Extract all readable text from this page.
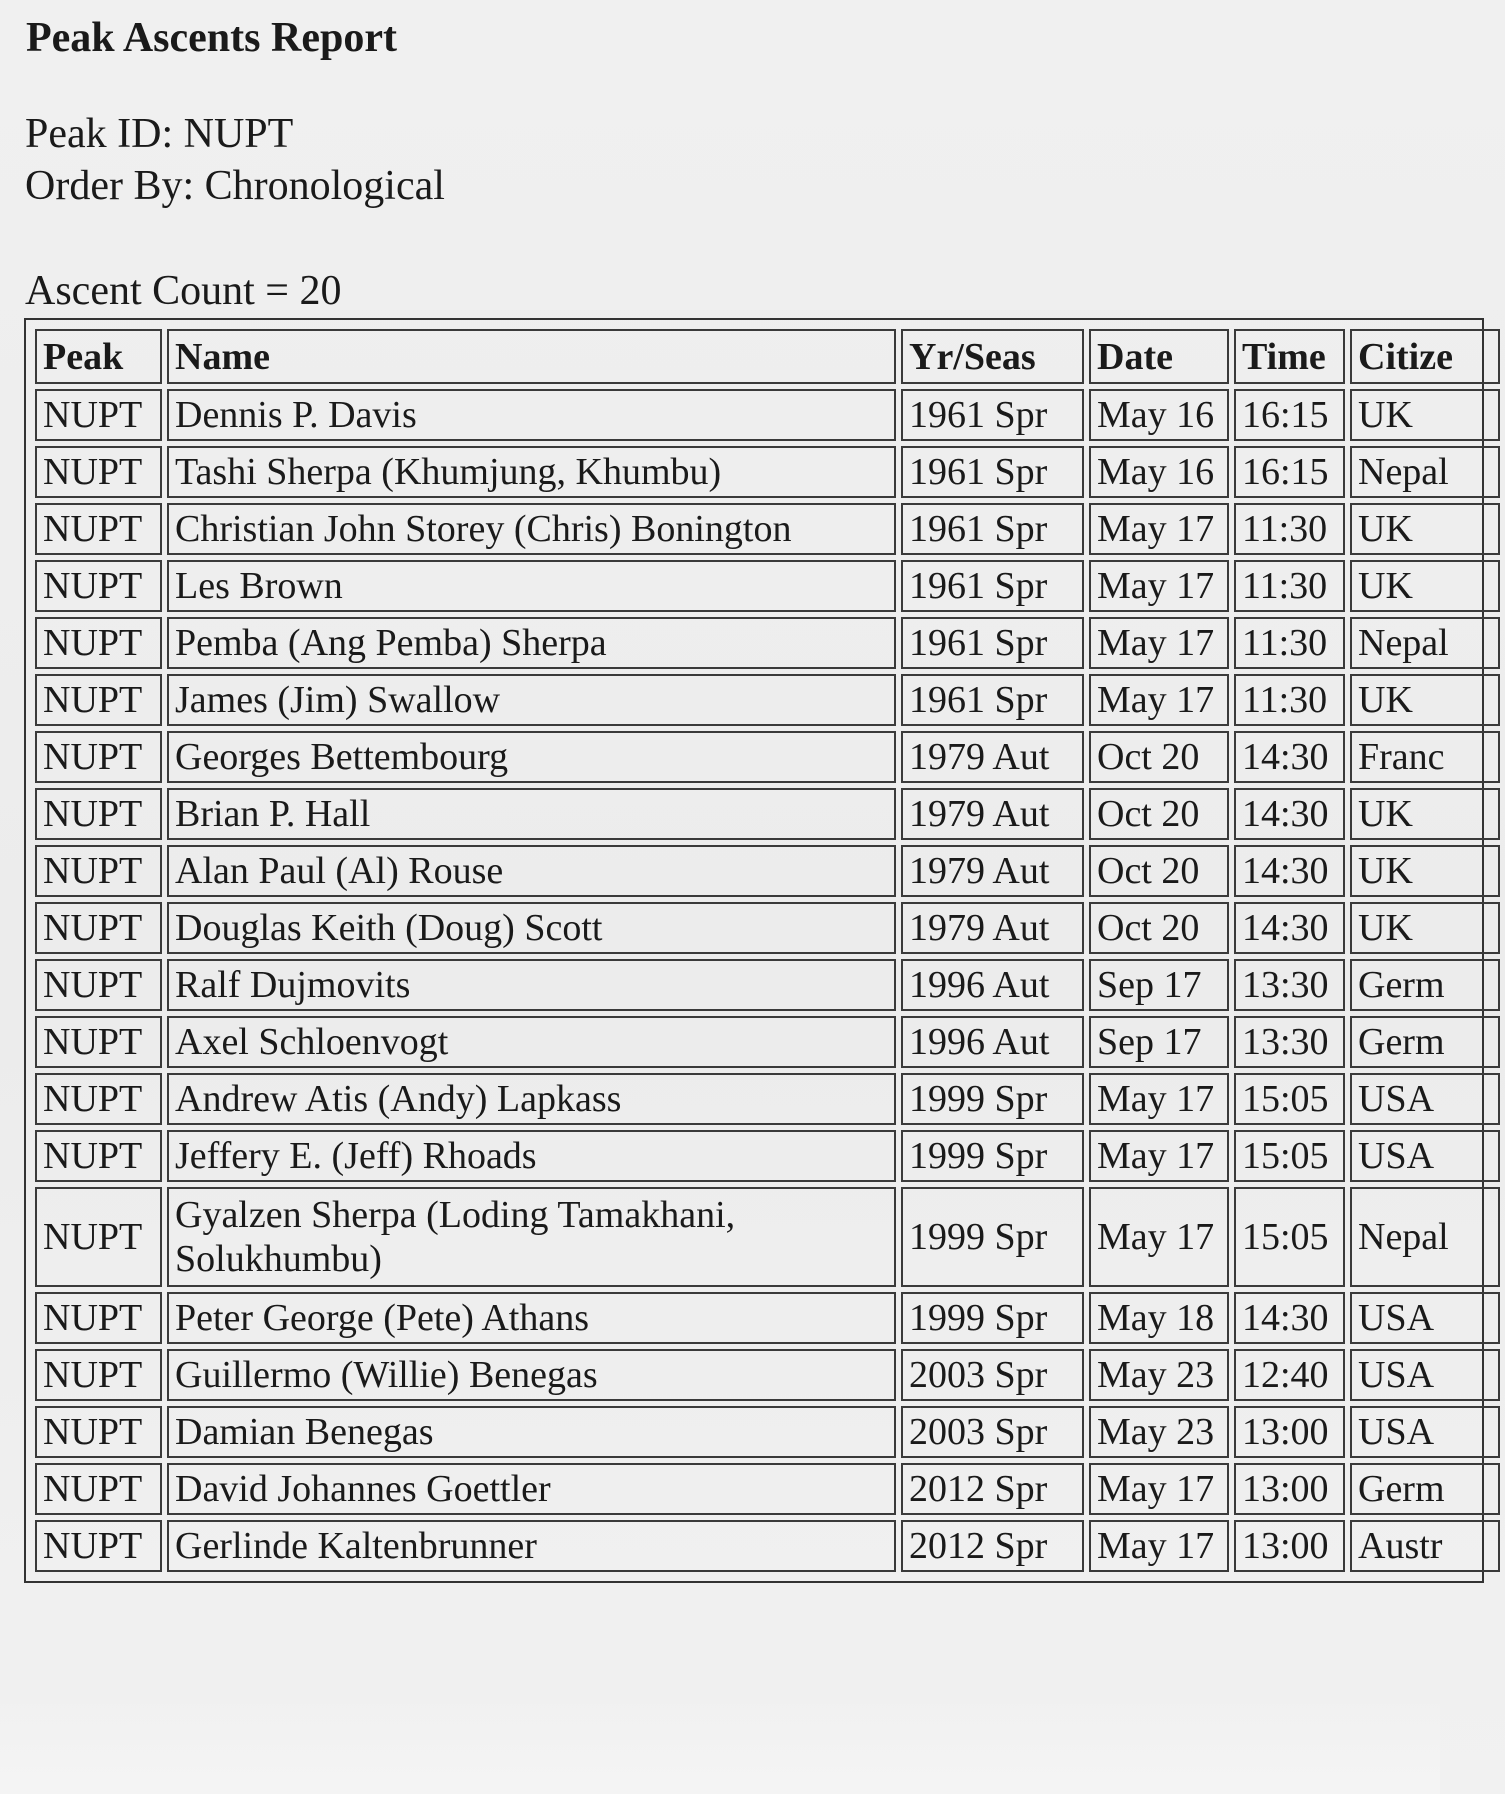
Peak Ascents Report

Peak ID: NUPT

Order By: Chronological

Ascent Count = 20

Peak	Name	Yr/Seas	Date	Time	Citize
NUPT	Dennis P. Davis	1961 Spr	May 16	16:15	UK
NUPT	Tashi Sherpa (Khumjung, Khumbu)	1961 Spr	May 16	16:15	Nepal
NUPT	Christian John Storey (Chris) Bonington	1961 Spr	May 17	11:30	UK
NUPT	Les Brown	1961 Spr	May 17	11:30	UK
NUPT	Pemba (Ang Pemba) Sherpa	1961 Spr	May 17	11:30	Nepal
NUPT	James (Jim) Swallow	1961 Spr	May 17	11:30	UK
NUPT	Georges Bettembourg	1979 Aut	Oct 20	14:30	Franc
NUPT	Brian P. Hall	1979 Aut	Oct 20	14:30	UK
NUPT	Alan Paul (Al) Rouse	1979 Aut	Oct 20	14:30	UK
NUPT	Douglas Keith (Doug) Scott	1979 Aut	Oct 20	14:30	UK
NUPT	Ralf Dujmovits	1996 Aut	Sep 17	13:30	Germ
NUPT	Axel Schloenvogt	1996 Aut	Sep 17	13:30	Germ
NUPT	Andrew Atis (Andy) Lapkass	1999 Spr	May 17	15:05	USA
NUPT	Jeffery E. (Jeff) Rhoads	1999 Spr	May 17	15:05	USA
NUPT	Gyalzen Sherpa (Loding Tamakhani, Solukhumbu)	1999 Spr	May 17	15:05	Nepal
NUPT	Peter George (Pete) Athans	1999 Spr	May 18	14:30	USA
NUPT	Guillermo (Willie) Benegas	2003 Spr	May 23	12:40	USA
NUPT	Damian Benegas	2003 Spr	May 23	13:00	USA
NUPT	David Johannes Goettler	2012 Spr	May 17	13:00	Germ
NUPT	Gerlinde Kaltenbrunner	2012 Spr	May 17	13:00	Austr
